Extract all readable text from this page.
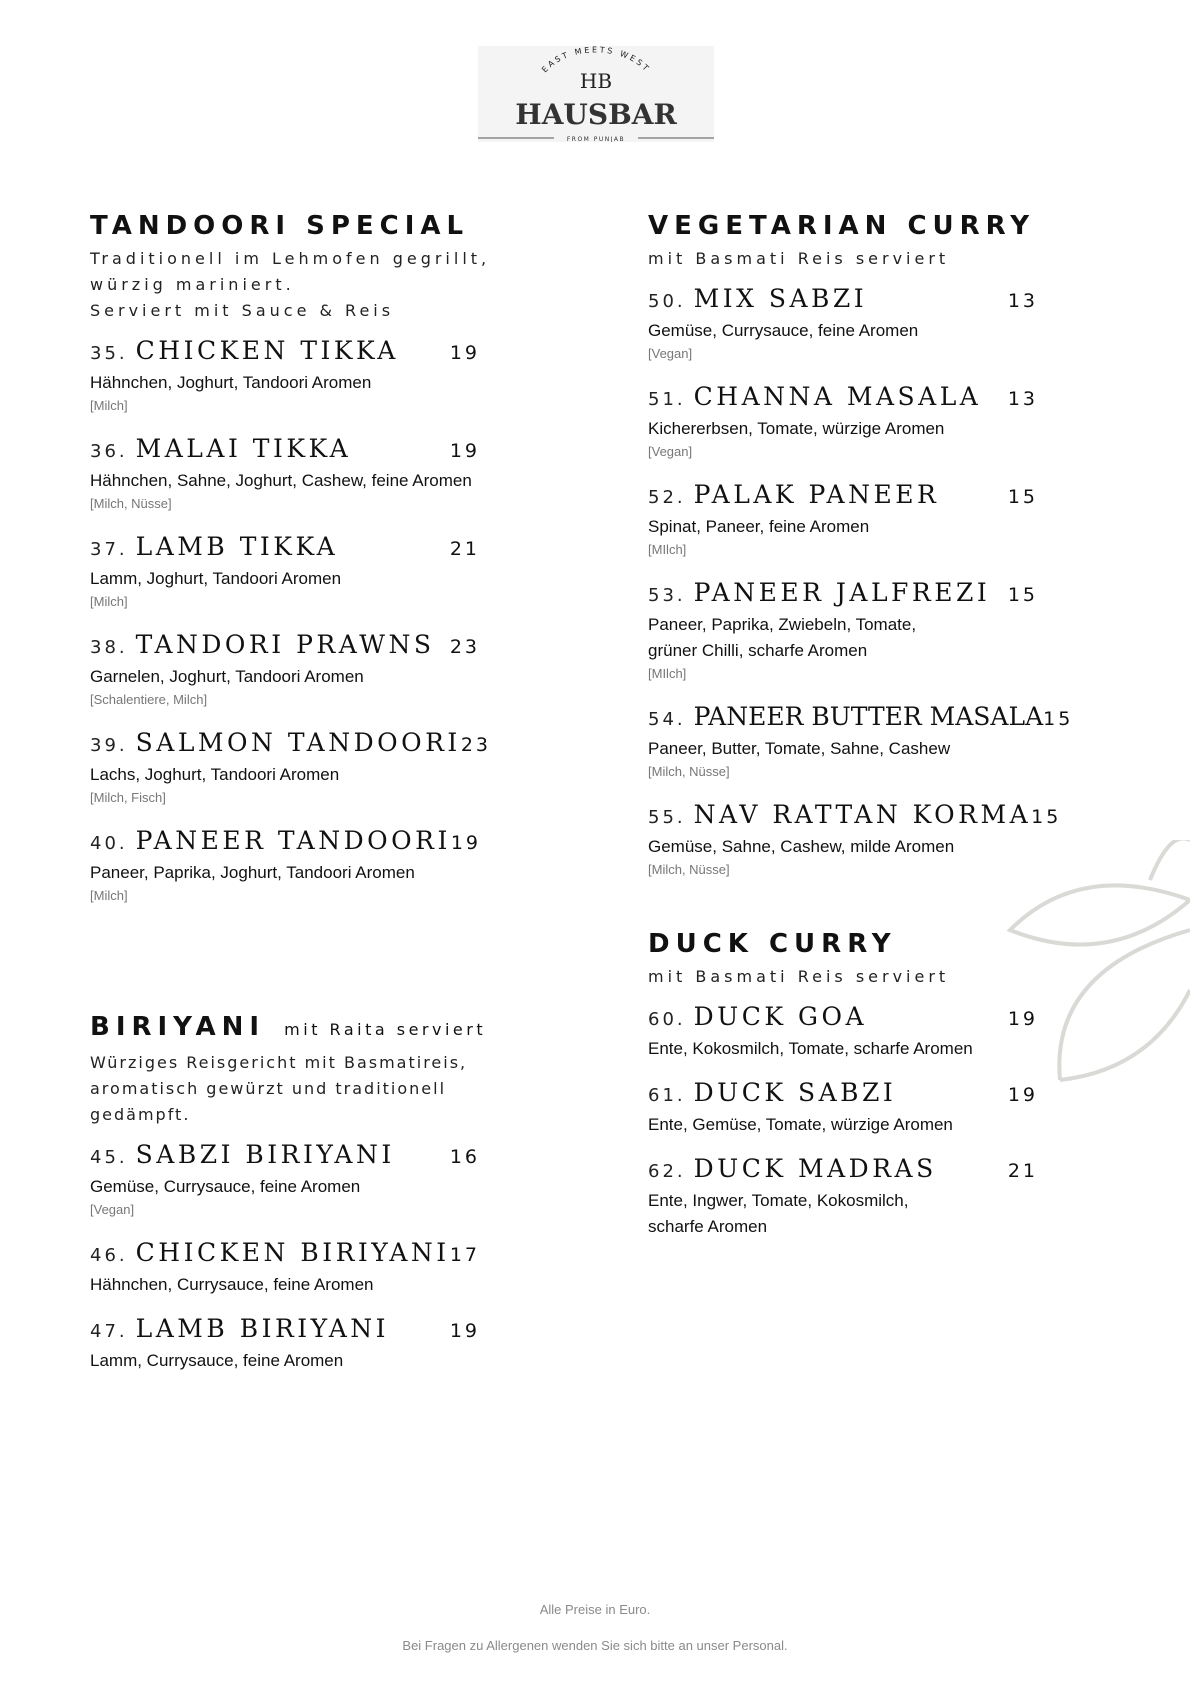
EAST MEETS WEST
HB
HAUSBAR
FROM PUNJAB
TANDOORI SPECIAL
Traditionell im Lehmofen gegrillt,
würzig mariniert.
Serviert mit Sauce & Reis
35. CHICKEN TIKKA	19
Hähnchen, Joghurt, Tandoori Aromen
[Milch]
36. MALAI TIKKA	19
Hähnchen, Sahne, Joghurt, Cashew, feine Aromen
[Milch, Nüsse]
37. LAMB TIKKA	21
Lamm, Joghurt, Tandoori Aromen
[Milch]
38. TANDORI PRAWNS 23
Garnelen, Joghurt, Tandoori Aromen
[Schalentiere, Milch]
39. SALMON TANDOORI 23
Lachs, Joghurt, Tandoori Aromen
[Milch, Fisch]
40. PANEER TANDOORI 19
Paneer, Paprika, Joghurt, Tandoori Aromen
[Milch]
VEGETARIAN CURRY
mit Basmati Reis serviert
50. MIX SABZI	13
Gemüse, Currysauce, feine Aromen
[Vegan]
51. CHANNA MASALA 13
Kichererbsen, Tomate, würzige Aromen
[Vegan]
52. PALAK PANEER	15
Spinat, Paneer, feine Aromen
[MIlch]
53. PANEER JALFREZI 15
Paneer, Paprika, Zwiebeln, Tomate,
grüner Chilli, scharfe Aromen
[MIlch]
54. PANEER BUTTER MASALA 15
Paneer, Butter, Tomate, Sahne, Cashew
[Milch, Nüsse]
55. NAV RATTAN KORMA 15
Gemüse, Sahne, Cashew, milde Aromen
[Milch, Nüsse]
DUCK CURRY
mit Basmati Reis serviert
60. DUCK GOA	19
Ente, Kokosmilch, Tomate, scharfe Aromen
61. DUCK SABZI	19
Ente, Gemüse, Tomate, würzige Aromen
62. DUCK MADRAS	21
Ente, Ingwer, Tomate, Kokosmilch,
scharfe Aromen
BIRIYANI mit Raita serviert
Würziges Reisgericht mit Basmatireis,
aromatisch gewürzt und traditionell
gedämpft.
45. SABZI BIRIYANI	16
Gemüse, Currysauce, feine Aromen
[Vegan]
46. CHICKEN BIRIYANI 17
Hähnchen, Currysauce, feine Aromen
47. LAMB BIRIYANI	19
Lamm, Currysauce, feine Aromen
Alle Preise in Euro.
Bei Fragen zu Allergenen wenden Sie sich bitte an unser Personal.
